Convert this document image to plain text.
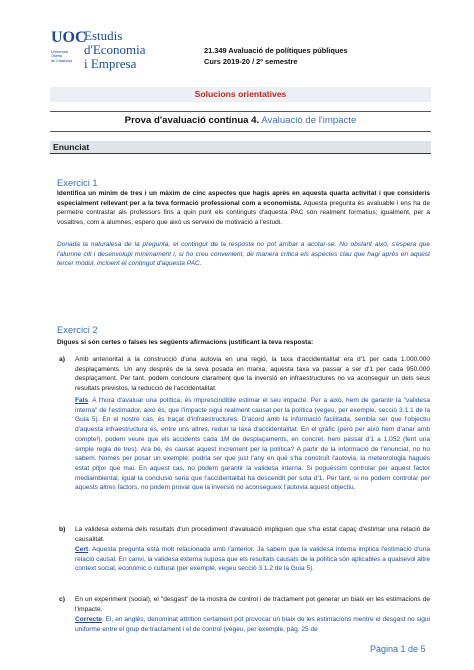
UOC
Universitat
Oberta
de Catalunya
Estudis
d'Economia
i Empresa
21.349 Avaluació de polítiques públiques
Curs 2019-20 / 2º semestre
Solucions orientatives
Prova d'avaluació contínua 4. Avaluació de l'impacte
Enunciat
Exercici 1
Identifica un mínim de tres i un màxim de cinc aspectes que hagis après en aquesta quarta activitat i que consideris especialment rellevant per a la teva formació professional com a economista. Aquesta pregunta és avaluable i ens ha de permetre contrastar als professors fins a quin punt els continguts d'aquesta PAC són realment formatius; igualment, per a vosaltres, com a alumnes, espero que això us serveixi de motivació a l'estudi.
Donada la naturalesa de la pregunta, el contingut de la resposta no pot arribar a acotar-se. No obstant això, s'espera que l'alumne citi i desenvolupi mínimament i, si ho creu convenient, de manera crítica els aspectes clau que hagi après en aquest tercer mòdul, incloent el contingut d'aquesta PAC.
Exercici 2
Digues si són certes o falses les següents afirmacions justificant la teva resposta:
a) Amb anterioritat a la construcció d'una autovia en una regió, la taxa d'accidentalitat era d'1 per cada 1.000.000 desplaçaments. Un any després de la seva posada en marxa, aquesta taxa va passar a ser d'1 per cada 950.000 desplaçament. Per tant, podem concloure clarament que la inversió en infraestructures no va aconseguir un dels seus resultats previstos, la reducció de l'accidentalitat.
Fals. A l'hora d'avaluar una política, és imprescindible estimar el seu impacte. Per a això, hem de garantir la "validesa interna" de l'estimador, això és, que l'impacte sigui realment causat per la política (vegeu, per exemple, secció 3.1.1 de la Guia 5). En el nostre cas, és traçat d'infraestructures. D'acord amb la informació facilitada, sembla ser que l'objectiu d'aquesta infraestructura és, entre uns altres, reduir la taxa d'accidentalitat. En el gràfic (però per això hem d'anar amb compte!), podem veure que els accidents cada 1M de desplaçaments, en concret, hem passat d'1 a 1,052 (fent una simple regla de tres). Ara bé, és causat aquest increment per la política? A partir de la informació de l'enunciat, no ho sabem. Només per posar un exemple: podria ser que just l'any en què s'ha construït l'autovia, la meteorologia hagués estat pitjor que mai. En aquest cas, no podem garantir la validesa interna. Si poguéssim controlar per aquest factor mediambiental, igual la conclusió seria que l'accidentalitat ha descendit per sota d'1. Per tant, si no podem controlar per aquests altres factors, no podem provar que la inversió no aconsegueix l'autovia aquest objectiu.
b) La validesa externa dels resultats d'un procediment d'avaluació impliquen que s'ha estat capaç d'estimar una relació de causalitat.
Cert. Aquesta pregunta està molt relacionada amb l'anterior. Ja sabem que la validesa interna implica l'estimació d'una relació causal. En canvi, la validesa externa suposa que els resultats causals de la política són aplicables a qualsevol altre context social, econòmic o cultural (per exemple, vegeu secció 3.1.2 de la Guia 5).
c) En un experiment (social), el "desgast" de la mostra de control i de tractament pot generar un biaix en les estimacions de l'impacte.
Correcte. El, en anglès, denominat attrition certament pot provocar un biaix de les estimacions mentre el desgast no sigui uniforme entre el grup de tractament i el de control (vegeu, per exemple, pàg. 25 de
Pàgina 1 de 5
